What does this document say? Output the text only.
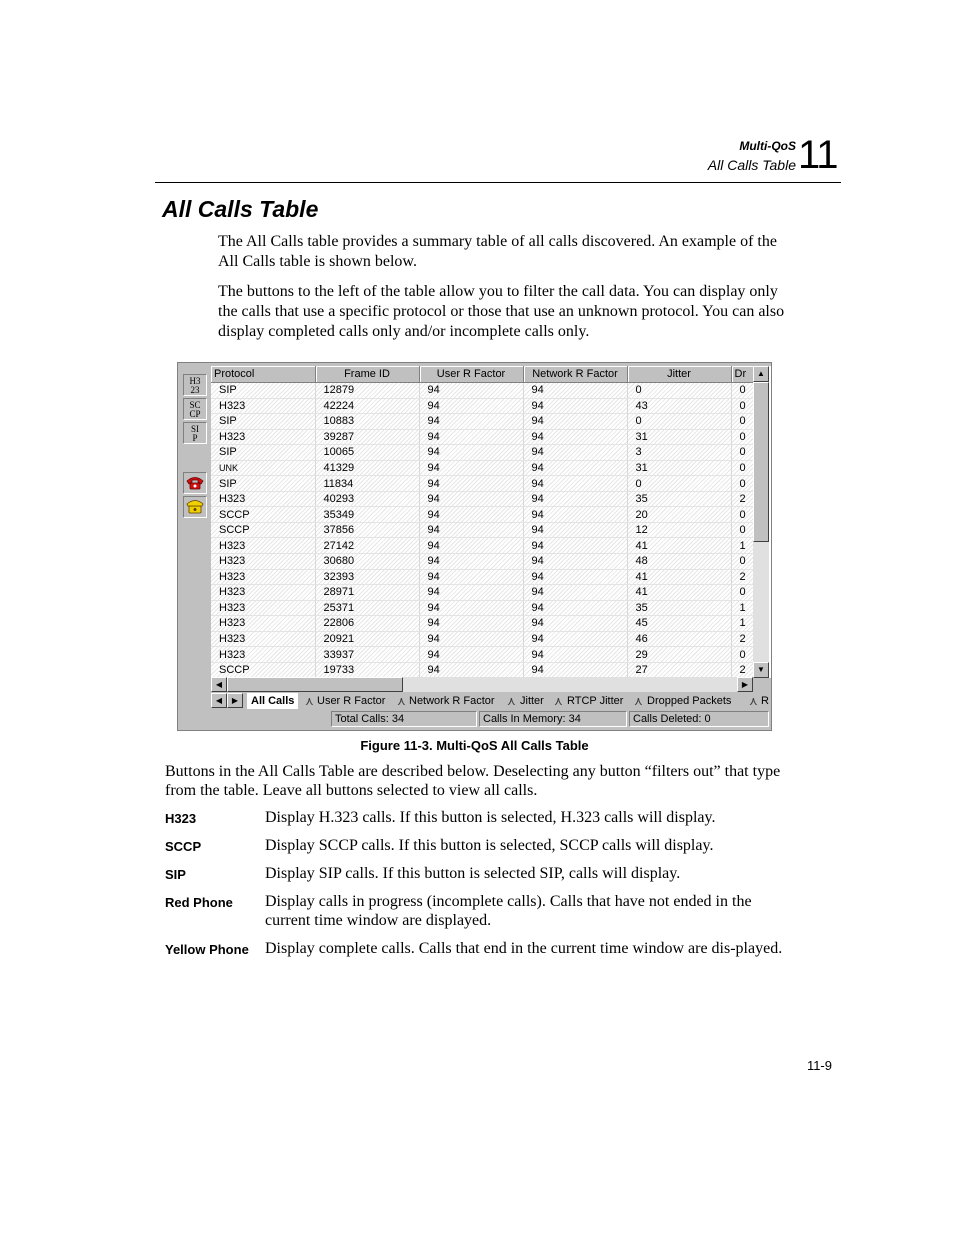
Multi-QoS
All Calls Table 11
All Calls Table
The All Calls table provides a summary table of all calls discovered. An example of the All Calls table is shown below.
The buttons to the left of the table allow you to filter the call data. You can display only the calls that use a specific protocol or those that use an unknown protocol. You can also display completed calls only and/or incomplete calls only.
H3
23
SC
CP
SI
P
Protocol	Frame ID	User R Factor	Network R Factor	Jitter	Dr
SIP	12879	94	94	0	0
H323	42224	94	94	43	0
SIP	10883	94	94	0	0
H323	39287	94	94	31	0
SIP	10065	94	94	3	0
UNK	41329	94	94	31	0
SIP	11834	94	94	0	0
H323	40293	94	94	35	2
SCCP	35349	94	94	20	0
SCCP	37856	94	94	12	0
H323	27142	94	94	41	1
H323	30680	94	94	48	0
H323	32393	94	94	41	2
H323	28971	94	94	41	0
H323	25371	94	94	35	1
H323	22806	94	94	45	1
H323	20921	94	94	46	2
H323	33937	94	94	29	0
SCCP	19733	94	94	27	2

▲
▼
◀	▶
◀	▶	All Calls ⋏ User R Factor ⋏ Network R Factor ⋏ Jitter ⋏ RTCP Jitter ⋏ Dropped Packets ⋏ R
Total Calls: 34	Calls In Memory: 34	Calls Deleted: 0
Figure 11-3. Multi-QoS All Calls Table
Buttons in the All Calls Table are described below. Deselecting any button “filters out” that type from the table. Leave all buttons selected to view all calls.
H323	Display H.323 calls. If this button is selected, H.323 calls will display.
SCCP	Display SCCP calls. If this button is selected, SCCP calls will display.
SIP	Display SIP calls. If this button is selected SIP, calls will display.
Red Phone Display calls in progress (incomplete calls). Calls that have not ended in the current time window are displayed.
Yellow Phone Display complete calls. Calls that end in the current time window are dis-played.
11-9
